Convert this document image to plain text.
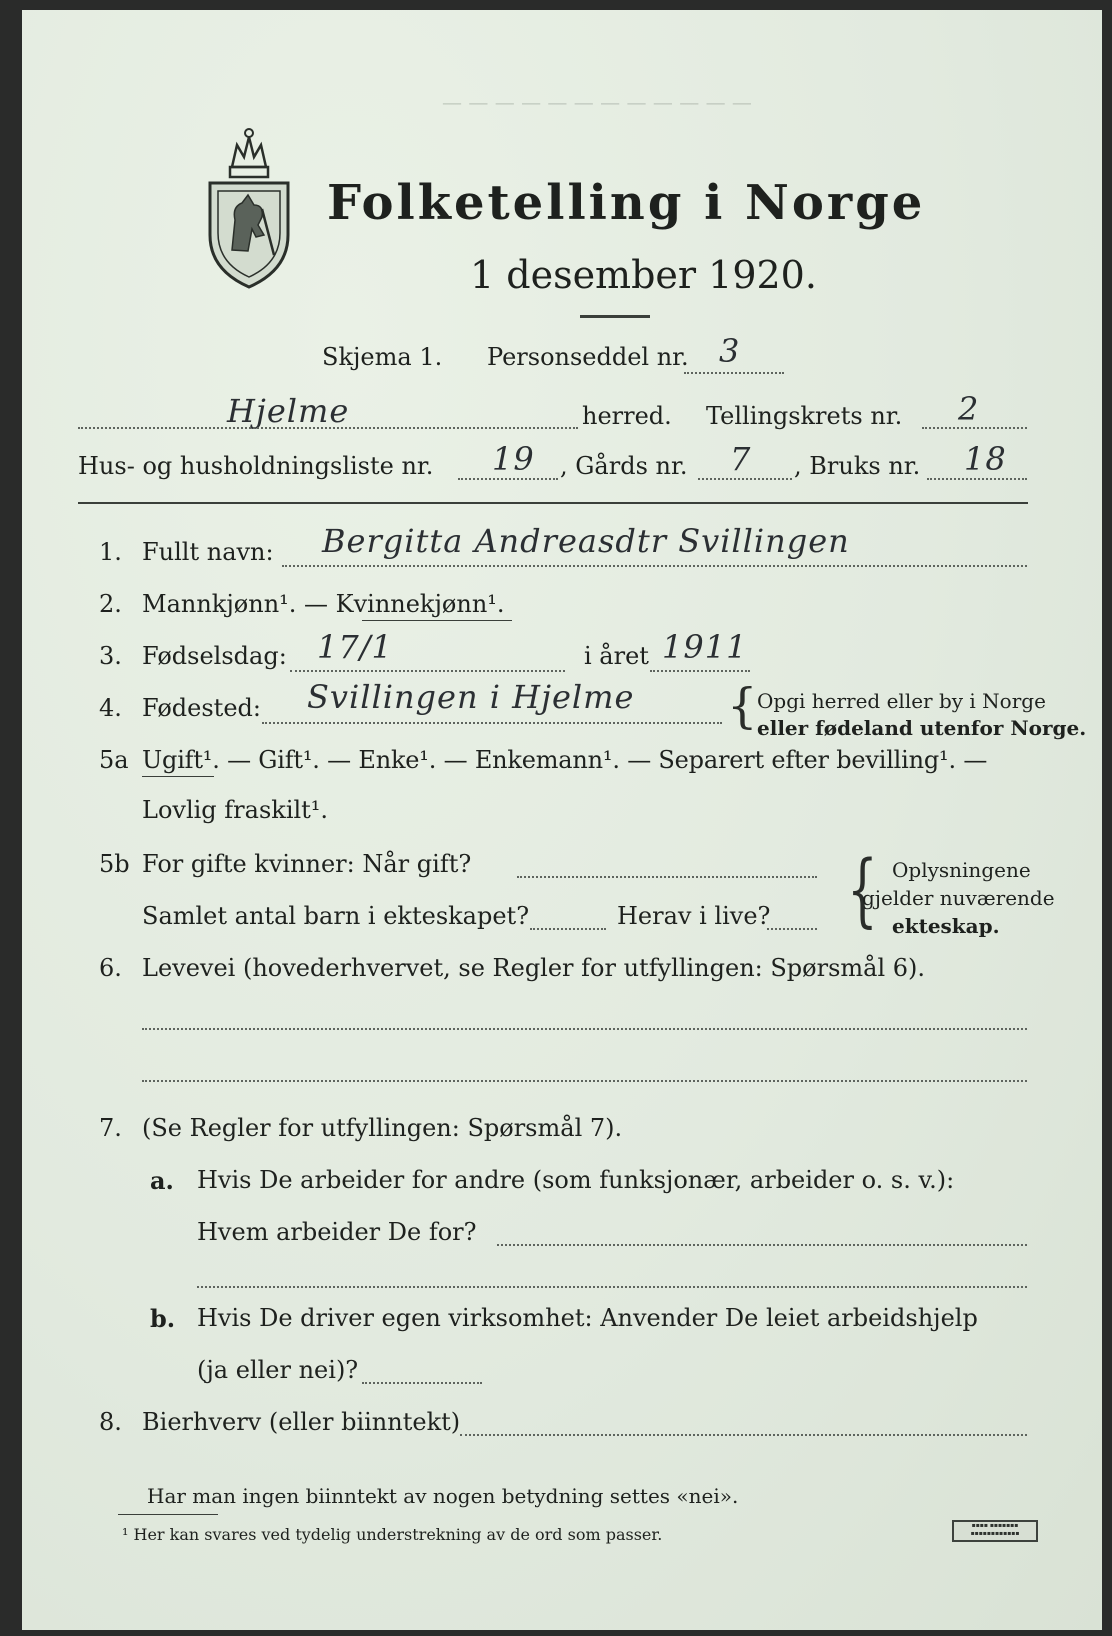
— — — — — — — — — — — —
Folketelling i Norge
1 desember 1920.
Skjema 1. Personseddel nr. 3
Hjelme	herred. Tellingskrets nr. 2
Hus- og husholdningsliste nr. 19 , Gårds nr. 7 , Bruks nr. 18
1. Fullt navn: Bergitta Andreasdtr Svillingen
2. Mannkjønn¹. — Kvinnekjønn¹.
3. Fødselsdag: 17/1	i året 1911
4. Fødested: Svillingen i Hjelme { Opgi herred eller by i Norge
eller fødeland utenfor Norge.
5a Ugift¹. — Gift¹. — Enke¹. — Enkemann¹. — Separert efter bevilling¹. —
Lovlig fraskilt¹.
5b For gifte kvinner: Når gift?
Samlet antal barn i ekteskapet?	Herav i live? { Oplysningene
gjelder nuværende
ekteskap.
6. Levevei (hovederhvervet, se Regler for utfyllingen: Spørsmål 6).
7. (Se Regler for utfyllingen: Spørsmål 7).
a. Hvis De arbeider for andre (som funksjonær, arbeider o. s. v.):
Hvem arbeider De for?
b. Hvis De driver egen virksomhet: Anvender De leiet arbeidshjelp
(ja eller nei)?
8. Bierhverv (eller biinntekt)
Har man ingen biinntekt av nogen betydning settes «nei».
¹ Her kan svares ved tydelig understrekning av de ord som passer.	▪▪▪▪ ▪▪▪▪▪▪▪
▪▪▪▪▪▪▪▪▪▪▪▪
